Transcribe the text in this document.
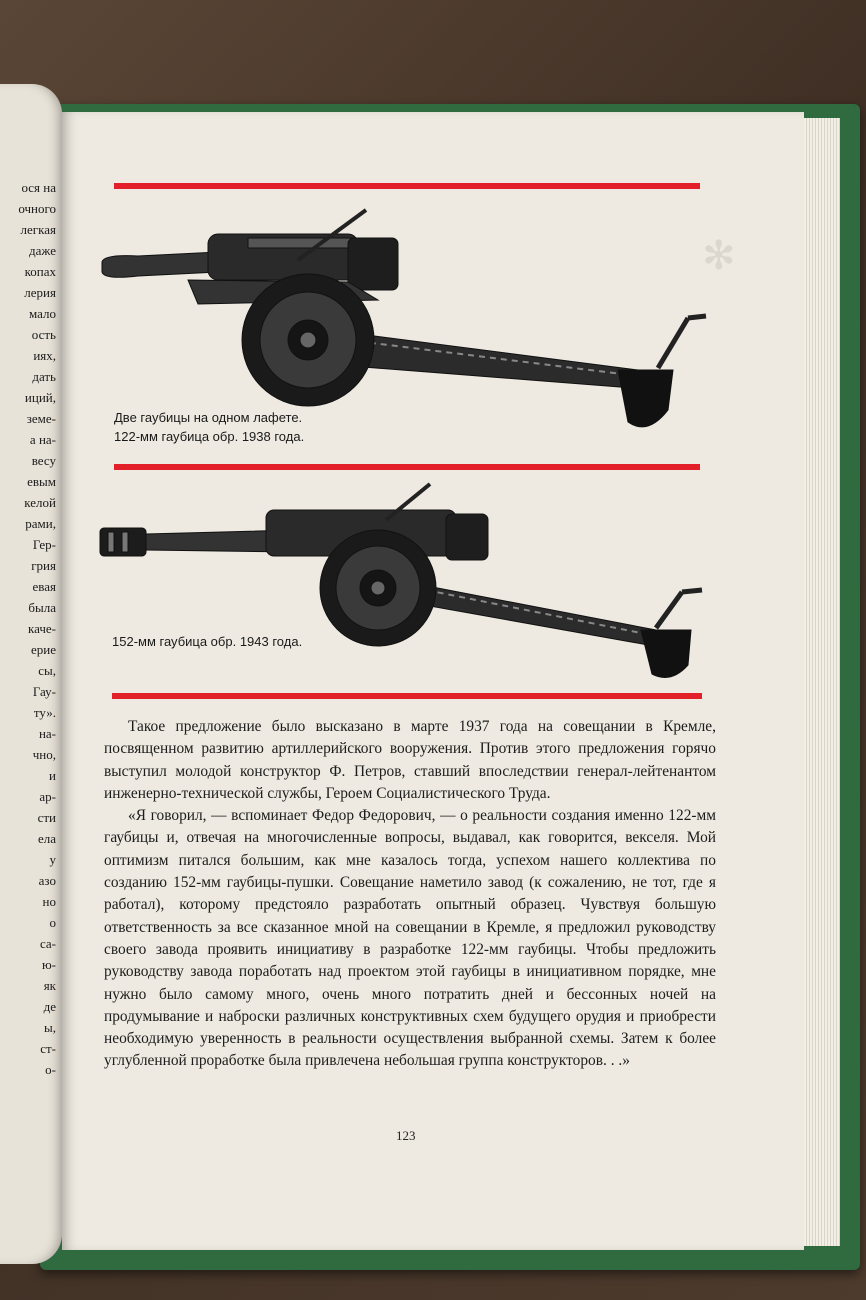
ося на
очного
легкая
даже
копах
лерия
мало
ость
иях,
дать
иций,
земе-
а на-
весу
евым
келой
рами,
Гер-
грия
евая
была
каче-
ерие
сы,
Гау-
ту».
на-
чно,
и
ар-
сти
ела
у
азо
но
о
са-
ю-
як
де
ы,
ст-
о-
✻
Две гаубицы на одном лафете.
122-мм гаубица обр. 1938 года.
152-мм гаубица обр. 1943 года.

Такое предложение было высказано в марте 1937 года на совещании в Кремле, посвященном развитию артиллерийского вооружения. Против этого предложения горячо выступил молодой конструктор Ф. Петров, ставший впоследствии генерал-лейтенантом инженерно-технической службы, Героем Социалистического Труда.

«Я говорил, — вспоминает Федор Федорович, — о реальности создания именно 122-мм гаубицы и, отвечая на многочисленные вопросы, выдавал, как говорится, векселя. Мой оптимизм питался большим, как мне казалось тогда, успехом нашего коллектива по созданию 152-мм гаубицы-пушки. Совещание наметило завод (к сожалению, не тот, где я работал), которому предстояло разработать опытный образец. Чувствуя большую ответственность за все сказанное мной на совещании в Кремле, я предложил руководству своего завода проявить инициативу в разработке 122-мм гаубицы. Чтобы предложить руководству завода поработать над проектом этой гаубицы в инициативном порядке, мне нужно было самому много, очень много потратить дней и бессонных ночей на продумывание и наброски различных конструктивных схем будущего орудия и приобрести необходимую уверенность в реальности осуществления выбранной схемы. Затем к более углубленной проработке была привлечена небольшая группа конструкторов. . .»

123
